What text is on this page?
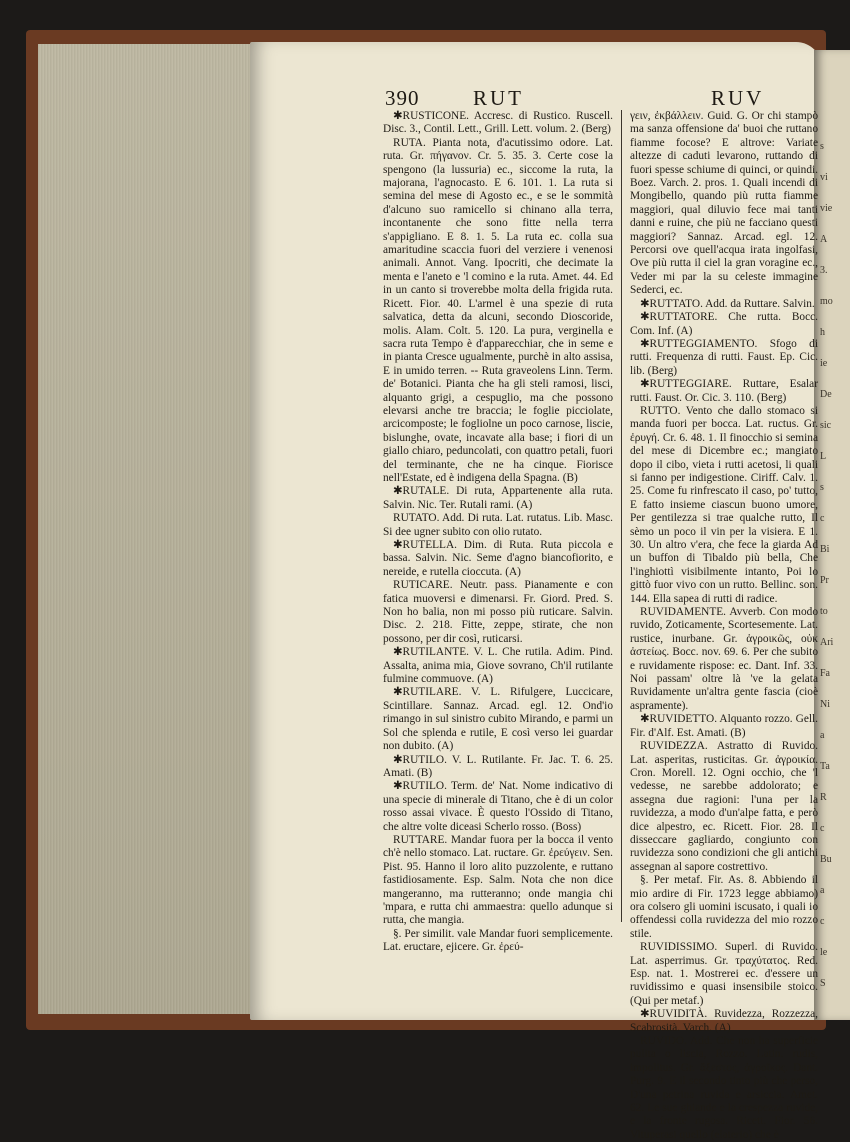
s
vi
vie
A
3.
mo
h
ie
De
sic
L
s
c
Bi
Pr
to
Ari
Fa
Ni
a
Ta
R
c
Bu
a
c
le
S
390	RUT	RUV

✱RUSTICONE. Accresc. di Rustico. Ruscell. Disc. 3., Contil. Lett., Grill. Lett. volum. 2. (Berg)

RUTA. Pianta nota, d'acutissimo odore. Lat. ruta. Gr. πήγανον. Cr. 5. 35. 3. Certe cose la spengono (la lussuria) ec., siccome la ruta, la majorana, l'agnocasto. E 6. 101. 1. La ruta si semina del mese di Agosto ec., e se le sommità d'alcuno suo ramicello si chinano alla terra, incontanente che sono fitte nella terra s'appigliano. E 8. 1. 5. La ruta ec. colla sua amaritudine scaccia fuori del verziere i venenosi animali. Annot. Vang. Ipocriti, che decimate la menta e l'aneto e 'l comino e la ruta. Amet. 44. Ed in un canto si troverebbe molta della frigida ruta. Ricett. Fior. 40. L'armel è una spezie di ruta salvatica, detta da alcuni, secondo Dioscoride, molis. Alam. Colt. 5. 120. La pura, verginella e sacra ruta Tempo è d'apparecchiar, che in seme e in pianta Cresce ugualmente, purchè in alto assisa, E in umido terren. -- Ruta graveolens Linn. Term. de' Botanici. Pianta che ha gli steli ramosi, lisci, alquanto grigi, a cespuglio, ma che possono elevarsi anche tre braccia; le foglie picciolate, arcicomposte; le fogliolne un poco carnose, liscie, bislunghe, ovate, incavate alla base; i fiori di un giallo chiaro, peduncolati, con quattro petali, fuori del terminante, che ne ha cinque. Fiorisce nell'Estate, ed è indigena della Spagna. (B)

✱RUTALE. Di ruta, Appartenente alla ruta. Salvin. Nic. Ter. Rutali rami. (A)

RUTATO. Add. Di ruta. Lat. rutatus. Lib. Masc. Si dee ugner subito con olio rutato.

✱RUTELLA. Dim. di Ruta. Ruta piccola e bassa. Salvin. Nic. Seme d'agno biancofiorito, e nereide, e rutella cioccuta. (A)

RUTICARE. Neutr. pass. Pianamente e con fatica muoversi e dimenarsi. Fr. Giord. Pred. S. Non ho balia, non mi posso più ruticare. Salvin. Disc. 2. 218. Fitte, zeppe, stirate, che non possono, per dir così, ruticarsi.

✱RUTILANTE. V. L. Che rutila. Adim. Pind. Assalta, anima mia, Giove sovrano, Ch'il rutilante fulmine commuove. (A)

✱RUTILARE. V. L. Rifulgere, Luccicare, Scintillare. Sannaz. Arcad. egl. 12. Ond'io rimango in sul sinistro cubito Mirando, e parmi un Sol che splenda e rutile, E così verso lei guardar non dubito. (A)

✱RUTILO. V. L. Rutilante. Fr. Jac. T. 6. 25. Amati. (B)

✱RUTILO. Term. de' Nat. Nome indicativo di una specie di minerale di Titano, che è di un color rosso assai vivace. È questo l'Ossido di Titano, che altre volte diceasi Scherlo rosso. (Boss)

RUTTARE. Mandar fuora per la bocca il vento ch'è nello stomaco. Lat. ructare. Gr. ἐρεύγειν. Sen. Pist. 95. Hanno il loro alito puzzolente, e ruttano fastidiosamente. Esp. Salm. Nota che non dice mangeranno, ma rutteranno; onde mangia chi 'mpara, e rutta chi ammaestra: quello adunque si rutta, che mangia.

§. Per similit. vale Mandar fuori semplicemente. Lat. eructare, ejicere. Gr. ἐρεύ-

γειν, ἐκβάλλειν. Guid. G. Or chi stampò ma sanza offensione da' buoi che ruttano fiamme focose? E altrove: Variate altezze di caduti levarono, ruttando di fuori spesse schiume di quinci, or quindi. Boez. Varch. 2. pros. 1. Quali incendi di Mongibello, quando più rutta fiamme maggiori, qual diluvio fece mai tanti danni e ruine, che più ne facciano questi maggiori? Sannaz. Arcad. egl. 12. Percorsi ove quell'acqua irata ingolfasi, Ove più rutta il ciel la gran voragine ec., Veder mi par la su celeste immagine Sederci, ec.

✱RUTTATO. Add. da Ruttare. Salvin.

✱RUTTATORE. Che rutta. Bocc. Com. Inf. (A)

✱RUTTEGGIAMENTO. Sfogo di rutti. Frequenza di rutti. Faust. Ep. Cic. lib. (Berg)

✱RUTTEGGIARE. Ruttare, Esalar rutti. Faust. Or. Cic. 3. 110. (Berg)

RUTTO. Vento che dallo stomaco si manda fuori per bocca. Lat. ructus. Gr. ἐρυγή. Cr. 6. 48. 1. Il finocchio si semina del mese di Dicembre ec.; mangiato dopo il cibo, vieta i rutti acetosi, li quali si fanno per indigestione. Ciriff. Calv. 1. 25. Come fu rinfrescato il caso, po' tutto, E fatto insieme ciascun buono umore, Per gentilezza si trae qualche rutto, Il sèmo un poco il vin per la visiera. E 1. 30. Un altro v'era, che fece la giarda Ad un buffon di Tibaldo più bella, Che l'inghiottì visibilmente intanto, Poi lo gittò fuor vivo con un rutto. Bellinc. son. 144. Ella sapea di rutti di radice.

RUVIDAMENTE. Avverb. Con modo ruvido, Zoticamente, Scortesemente. Lat. rustice, inurbane. Gr. ἀγροικῶς, οὐκ ἀστείως. Bocc. nov. 69. 6. Per che subito e ruvidamente rispose: ec. Dant. Inf. 33. Noi passam' oltre là 've la gelata Ruvidamente un'altra gente fascia (cioè aspramente).

✱RUVIDETTO. Alquanto rozzo. Gell. Fir. d'Alf. Est. Amati. (B)

RUVIDEZZA. Astratto di Ruvido. Lat. asperitas, rusticitas. Gr. ἀγροικία. Cron. Morell. 12. Ogni occhio, che 'l vedesse, ne sarebbe addolorato; e assegna due ragioni: l'una per la ruvidezza, a modo d'un'alpe fatta, e però dice alpestro, ec. Ricett. Fior. 28. Il disseccare gagliardo, congiunto con ruvidezza sono condizioni che gli antichi assegnan al sapore costrettivo.

§. Per metaf. Fir. As. 8. Abbiendo il mio ardire di Fir. 1723 legge abbiamo) ora colsero gli uomini iscusato, i quali io offendessi colla ruvidezza del mio rozzo stile.

RUVIDISSIMO. Superl. di Ruvido. Lat. asperrimus. Gr. τραχύτατος. Red. Esp. nat. 1. Mostrerei ec. d'essere un ruvidissimo e quasi insensibile stoico. (Qui per metaf.)

✱RUVIDITÀ. Ruvidezza, Rozzezza, Scabrosità. Varch. (A)

RUVIDO. Add. Che non ha superficie pulita o liscia, Rozzo. Latin. rudis, impolitus. Gr. ἄξεστος, ἀγροῖκος. Dant. Purg. 9. E il secondo tinto più che perso, D'una petrina ruvida e arsiccia. Amet. 62. Le sue ghiande e la crespezza ruvide, e la fronte rugosa. Ricett. Fior. 56. Vituperasi quello (elaterio) che è
